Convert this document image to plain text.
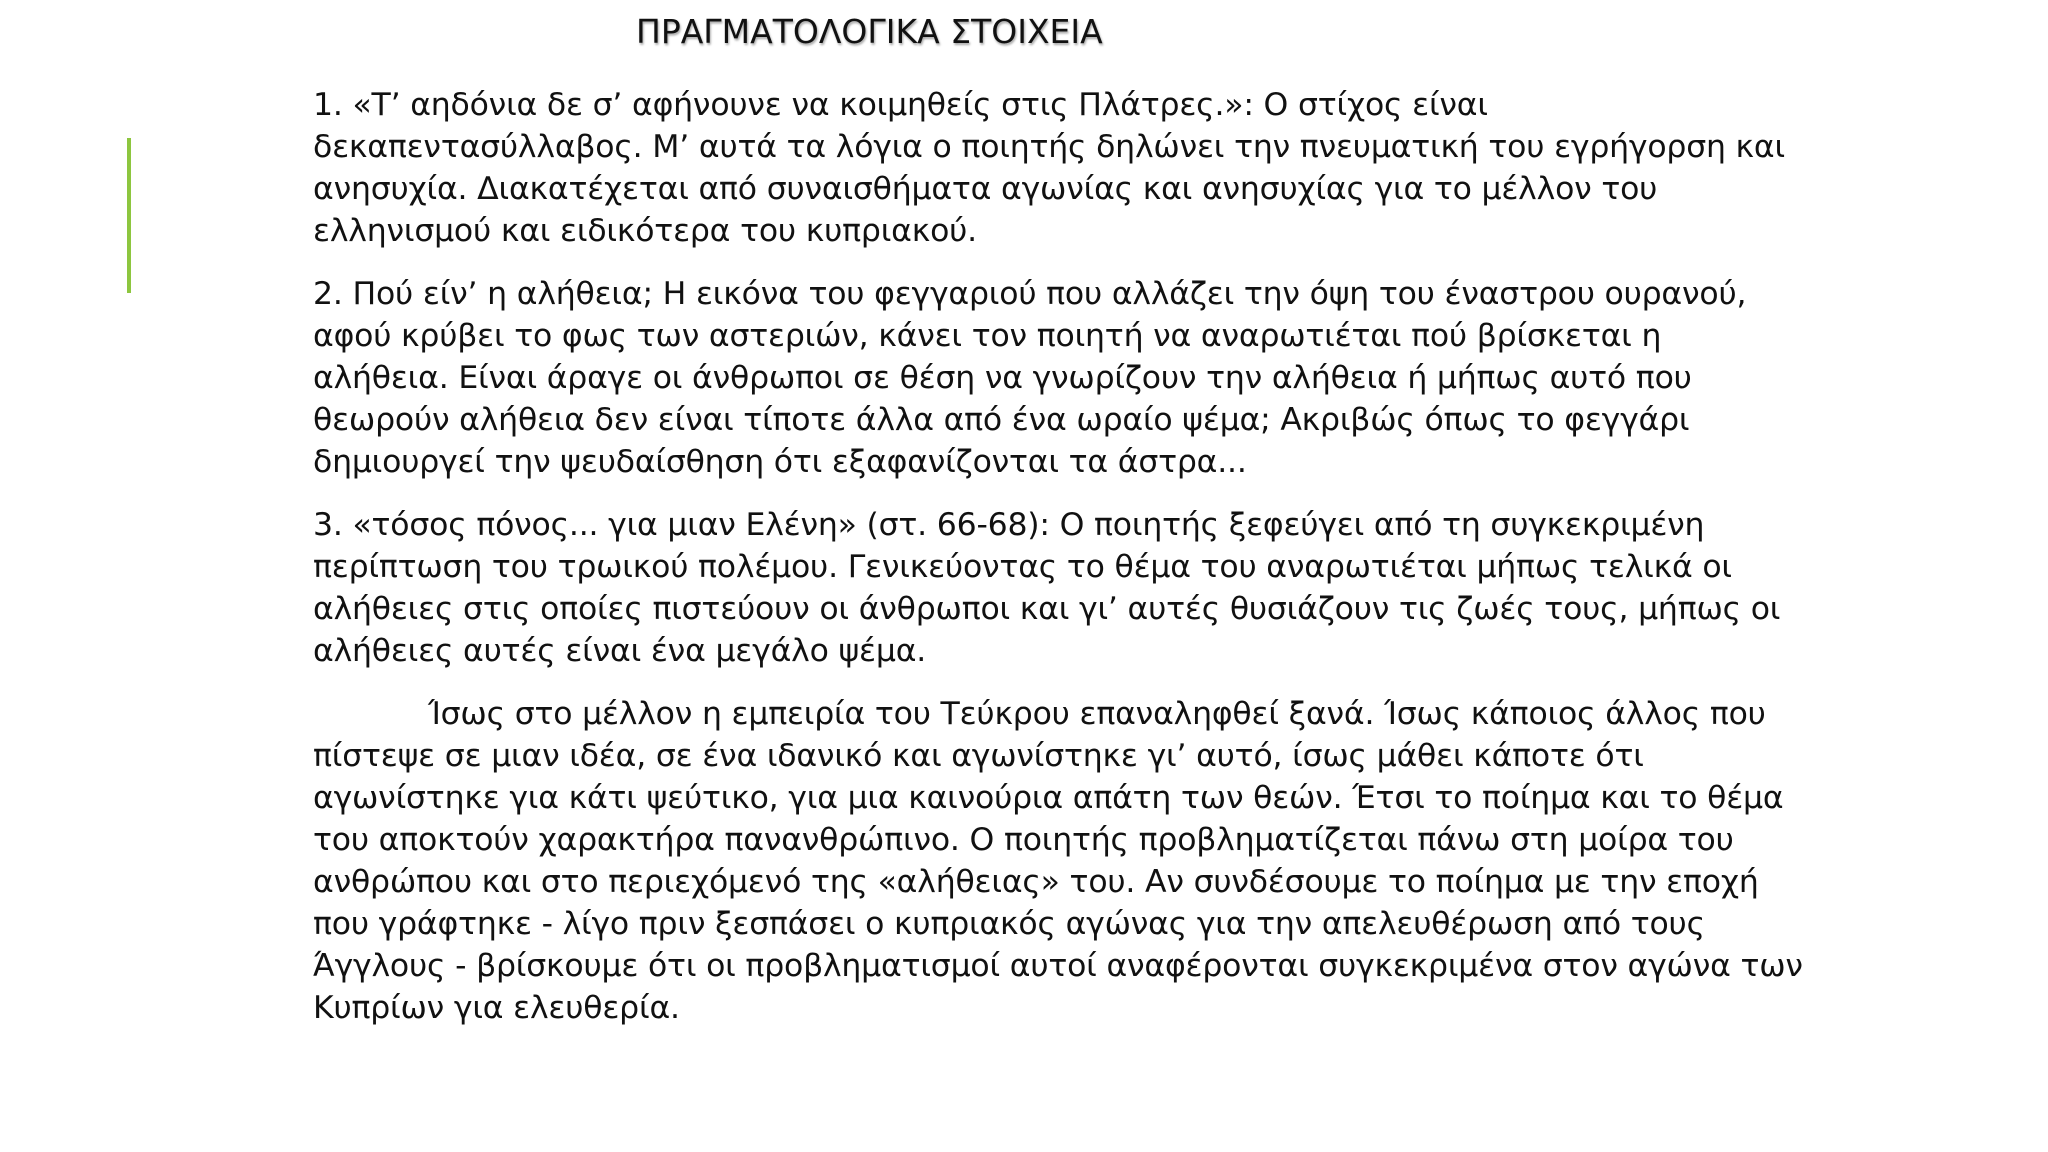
ΠΡΑΓΜΑΤΟΛΟΓΙΚΑ ΣΤΟΙΧΕΙΑ

1. «Τ’ αηδόνια δε σ’ αφήνουνε να κοιμηθείς στις Πλάτρες.»: Ο στίχος είναι δεκαπεντασύλλαβος. Μ’ αυτά τα λόγια ο ποιητής δηλώνει την πνευματική του εγρήγορση και ανησυχία. Διακατέχεται από συναισθήματα αγωνίας και ανησυχίας για το μέλλον του ελληνισμού και ειδικότερα του κυπριακού.

2. Πού είν’ η αλήθεια; Η εικόνα του φεγγαριού που αλλάζει την όψη του έναστρου ουρανού, αφού κρύβει το φως των αστεριών, κάνει τον ποιητή να αναρωτιέται πού βρίσκεται η αλήθεια. Είναι άραγε οι άνθρωποι σε θέση να γνωρίζουν την αλήθεια ή μήπως αυτό που θεωρούν αλήθεια δεν είναι τίποτε άλλα από ένα ωραίο ψέμα; Ακριβώς όπως το φεγγάρι δημιουργεί την ψευδαίσθηση ότι εξαφανίζονται τα άστρα...

3. «τόσος πόνος... για μιαν Ελένη» (στ. 66-68): Ο ποιητής ξεφεύγει από τη συγκεκριμένη περίπτωση του τρωικού πολέμου. Γενικεύοντας το θέμα του αναρωτιέται μήπως τελικά οι αλήθειες στις οποίες πιστεύουν οι άνθρωποι και γι’ αυτές θυσιάζουν τις ζωές τους, μήπως οι αλήθειες αυτές είναι ένα μεγάλο ψέμα.

Ίσως στο μέλλον η εμπειρία του Τεύκρου επαναληφθεί ξανά. Ίσως κάποιος άλλος που πίστεψε σε μιαν ιδέα, σε ένα ιδανικό και αγωνίστηκε γι’ αυτό, ίσως μάθει κάποτε ότι αγωνίστηκε για κάτι ψεύτικο, για μια καινούρια απάτη των θεών. Έτσι το ποίημα και το θέμα του αποκτούν χαρακτήρα πανανθρώπινο. Ο ποιητής προβληματίζεται πάνω στη μοίρα του ανθρώπου και στο περιεχόμενό της «αλήθειας» του. Αν συνδέσουμε το ποίημα με την εποχή που γράφτηκε - λίγο πριν ξεσπάσει ο κυπριακός αγώνας για την απελευθέρωση από τους Άγγλους - βρίσκουμε ότι οι προβληματισμοί αυτοί αναφέρονται συγκεκριμένα στον αγώνα των Κυπρίων για ελευθερία.
